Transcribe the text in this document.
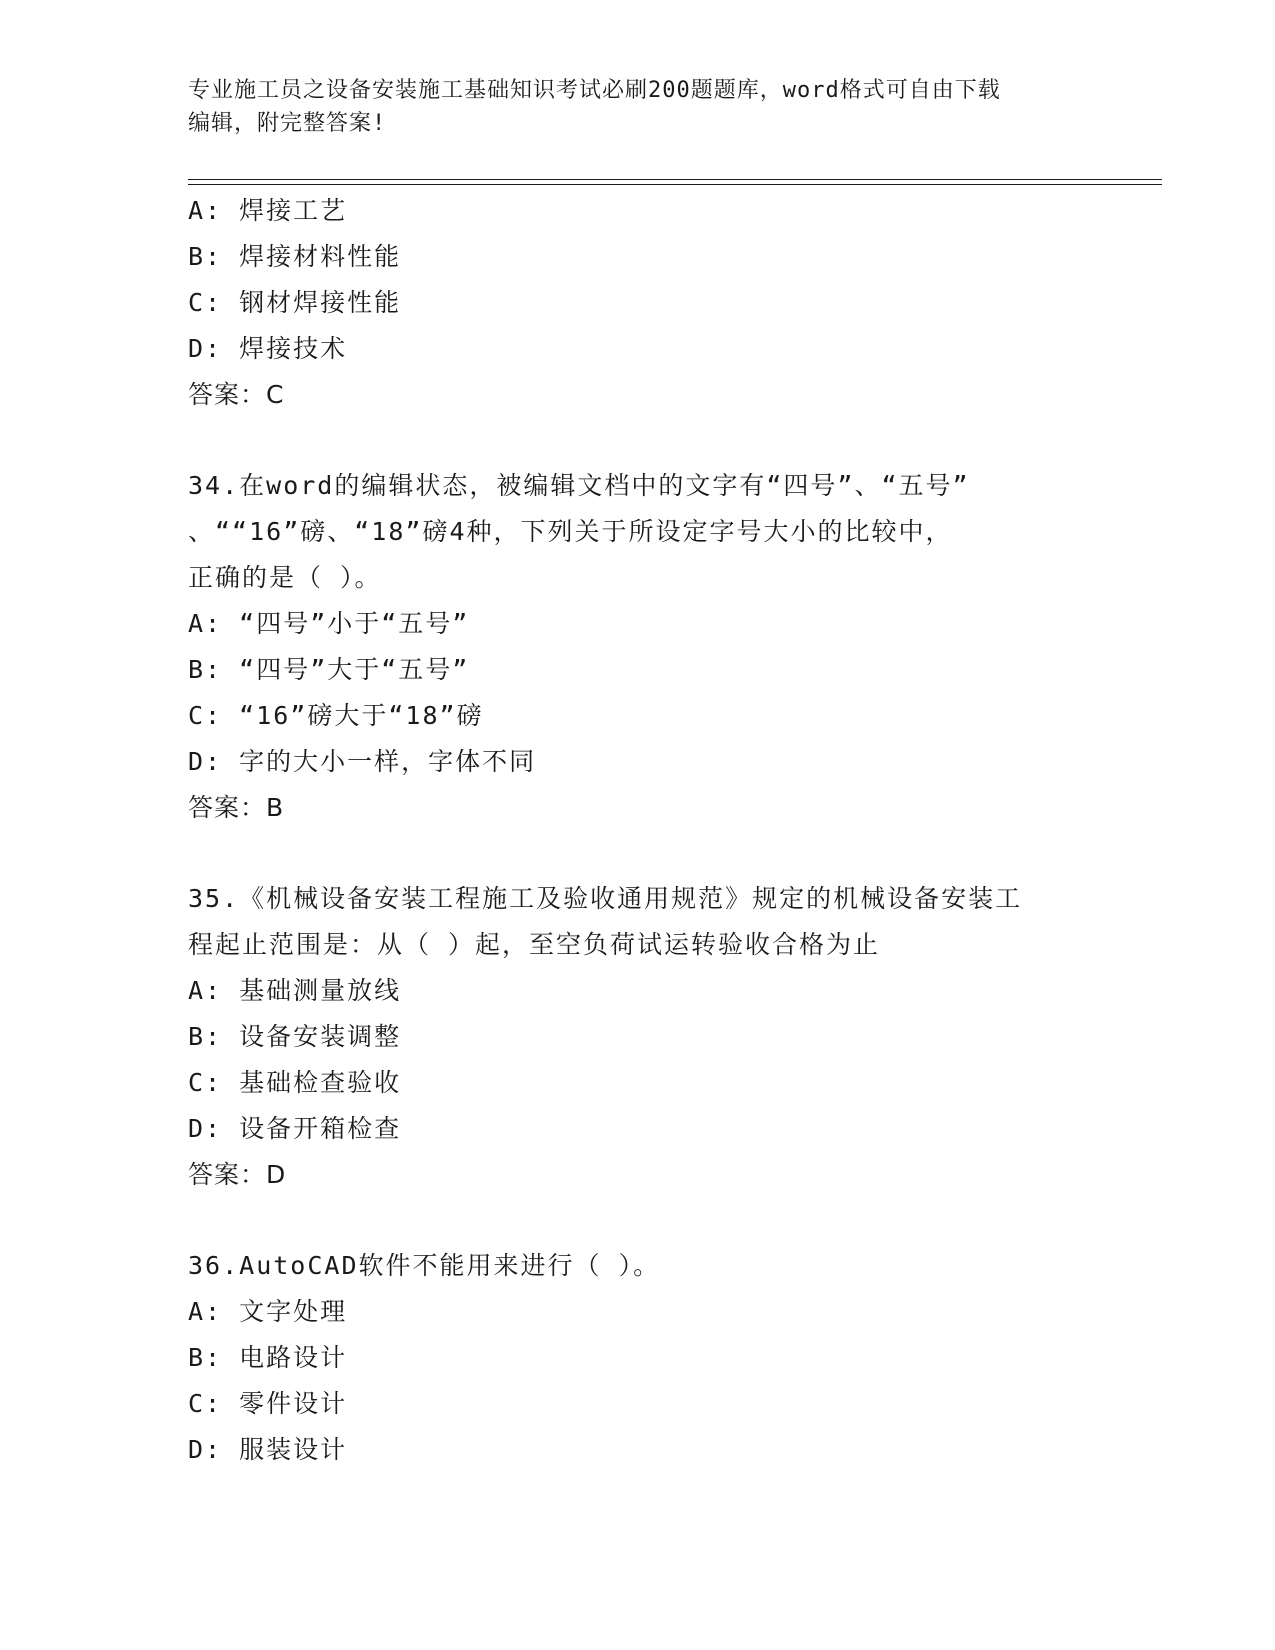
专业施工员之设备安装施工基础知识考试必刷200题题库，word格式可自由下载
编辑，附完整答案!
A: 焊接工艺
B: 焊接材料性能
C: 钢材焊接性能
D: 焊接技术
答案：C
34.在word的编辑状态，被编辑文档中的文字有“四号”、“五号”
、““16”磅、“18”磅4种，下列关于所设定字号大小的比较中，
正确的是（ ）。
A: “四号”小于“五号”
B: “四号”大于“五号”
C: “16”磅大于“18”磅
D: 字的大小一样，字体不同
答案：B
35.《机械设备安装工程施工及验收通用规范》规定的机械设备安装工
程起止范围是：从（ ）起，至空负荷试运转验收合格为止
A: 基础测量放线
B: 设备安装调整
C: 基础检查验收
D: 设备开箱检查
答案：D
36.AutoCAD软件不能用来进行（ ）。
A: 文字处理
B: 电路设计
C: 零件设计
D: 服装设计
